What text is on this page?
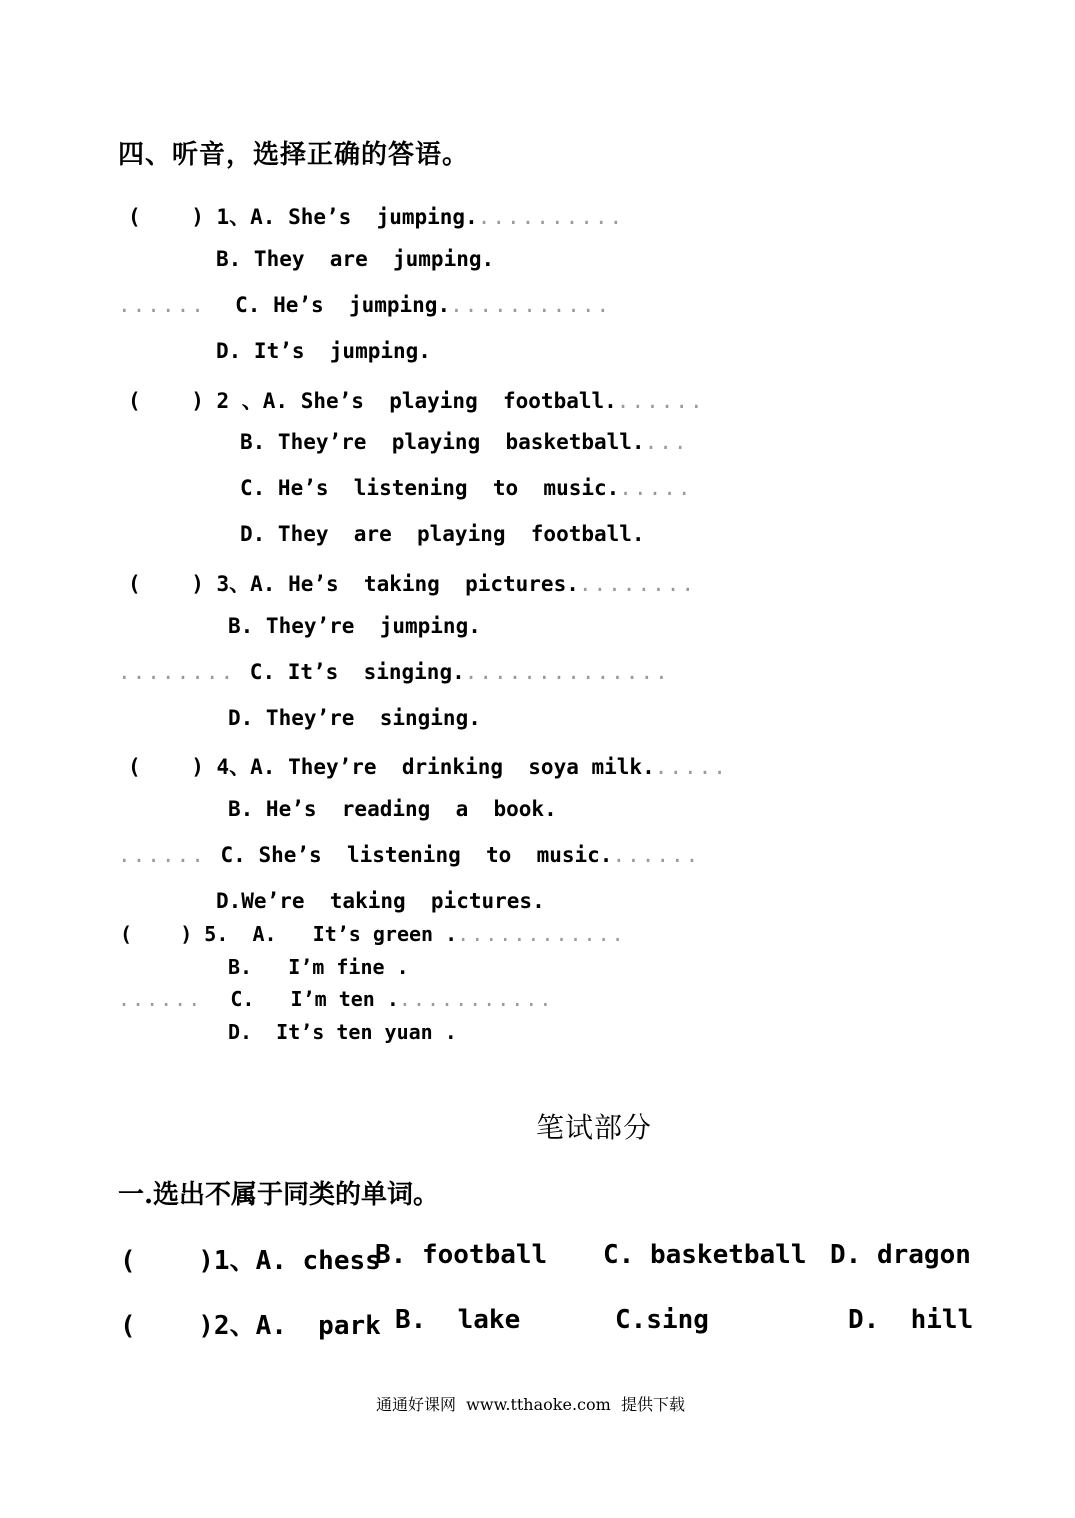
四、听音，选择正确的答语。
(    ) 1、A. She’s  jumping...........
B. They  are  jumping.
......  C. He’s  jumping............
D. It’s  jumping.
(    ) 2 、A. She’s  playing  football.......
B. They’re  playing  basketball....
C. He’s  listening  to  music......
D. They  are  playing  football.
(    ) 3、A. He’s  taking  pictures.........
B. They’re  jumping.
........ C. It’s  singing...............
D. They’re  singing.
(    ) 4、A. They’re  drinking  soya milk......
B. He’s  reading  a  book.
...... C. She’s  listening  to  music.......
D.We’re  taking  pictures.
(    ) 5.  A.   It’s green .............
B.   I’m fine .
......  C.   I’m ten ............
D.  It’s ten yuan .
笔试部分
一.选出不属于同类的单词。
(    )1、A. chess
B. football C. basketball D. dragon
(    )2、A.  park B.  lake	C.sing	D.  hill
通通好课网  www.tthaoke.com  提供下载
